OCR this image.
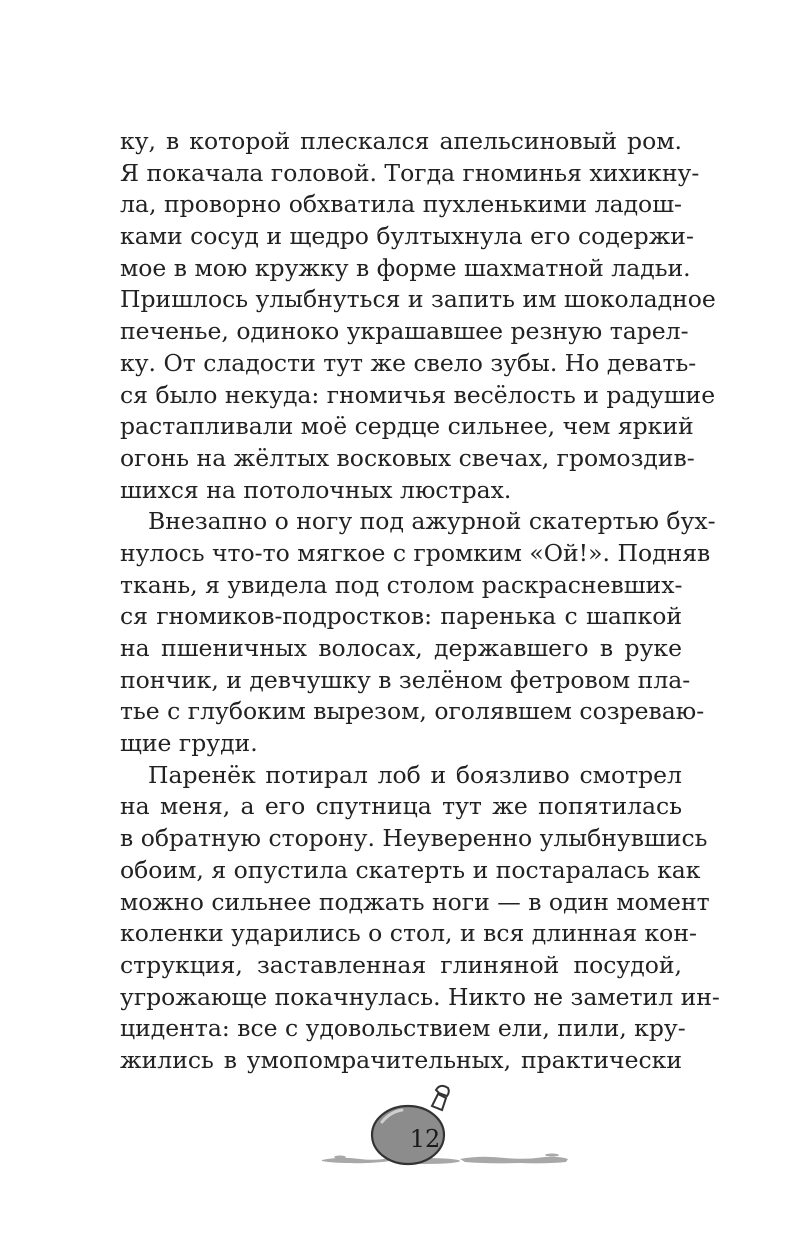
ку, в которой плескался апельсиновый ром.
Я покачала головой. Тогда гноминья хихикну-
ла, проворно обхватила пухленькими ладош-
ками сосуд и щедро бултыхнула его содержи-
мое в мою кружку в форме шахматной ладьи.
Пришлось улыбнуться и запить им шоколадное
печенье, одиноко украшавшее резную тарел-
ку. От сладости тут же свело зубы. Но девать-
ся было некуда: гномичья весёлость и радушие
растапливали моё сердце сильнее, чем яркий
огонь на жёлтых восковых свечах, громоздив-
шихся на потолочных люстрах.
Внезапно о ногу под ажурной скатертью бух-
нулось что-то мягкое с громким «Ой!». Подняв
ткань, я увидела под столом раскрасневших-
ся гномиков-подростков: паренька с шапкой
на пшеничных волосах, державшего в руке
пончик, и девчушку в зелёном фетровом пла-
тье с глубоким вырезом, оголявшем созреваю-
щие груди.
Паренёк потирал лоб и боязливо смотрел
на меня, а его спутница тут же попятилась
в обратную сторону. Неуверенно улыбнувшись
обоим, я опустила скатерть и постаралась как
можно сильнее поджать ноги — в один момент
коленки ударились о стол, и вся длинная кон-
струкция, заставленная глиняной посудой,
угрожающе покачнулась. Никто не заметил ин-
цидента: все с удовольствием ели, пили, кру-
жились в умопомрачительных, практически
12
